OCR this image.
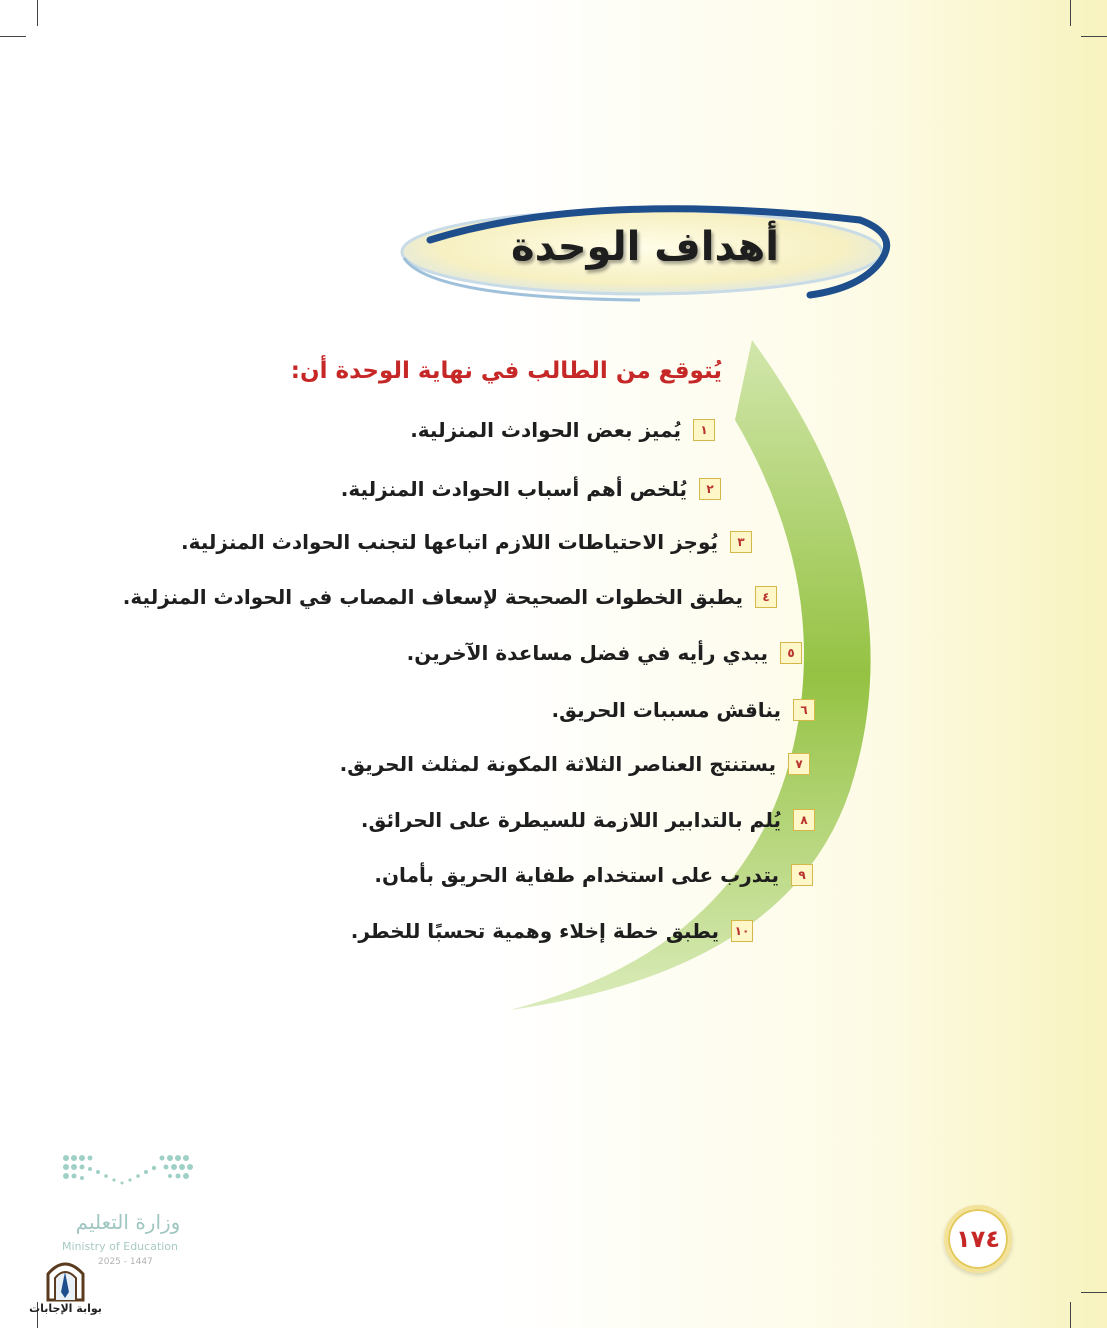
أهداف الوحدة
يُتوقع من الطالب في نهاية الوحدة أن:
١
يُميز بعض الحوادث المنزلية.
٢
يُلخص أهم أسباب الحوادث المنزلية.
٣
يُوجز الاحتياطات اللازم اتباعها لتجنب الحوادث المنزلية.
٤
يطبق الخطوات الصحيحة لإسعاف المصاب في الحوادث المنزلية.
٥
يبدي رأيه في فضل مساعدة الآخرين.
٦
يناقش مسببات الحريق.
٧
يستنتج العناصر الثلاثة المكونة لمثلث الحريق.
٨
يُلم بالتدابير اللازمة للسيطرة على الحرائق.
٩
يتدرب على استخدام طفاية الحريق بأمان.
١٠
يطبق خطة إخلاء وهمية تحسبًا للخطر.
١٧٤
وزارة التعليم
Ministry of Education
2025 - 1447
بوابة الإجابات
